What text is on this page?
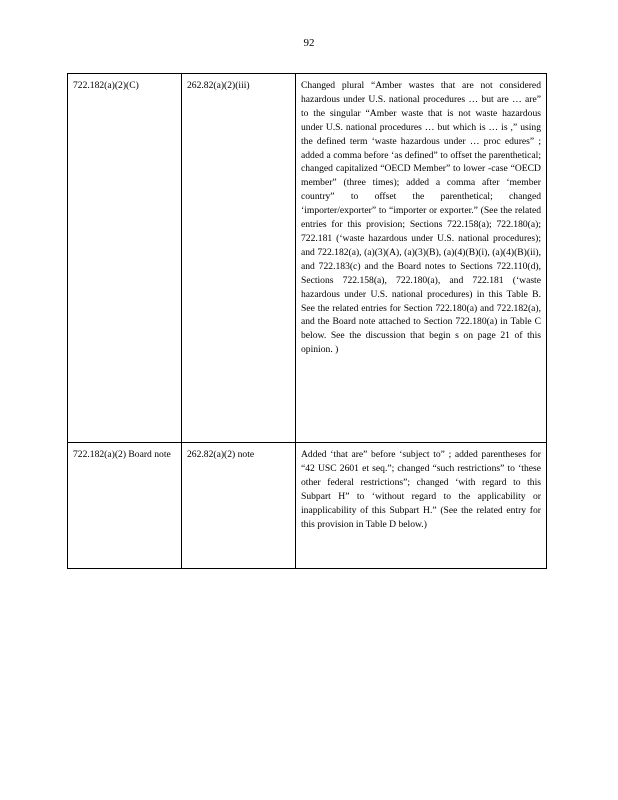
92
722.182(a)(2)(C)	262.82(a)(2)(iii)	Changed plural “Amber wastes that are not considered hazardous under U.S. national procedures … but are … are” to the singular “Amber waste that is not waste hazardous under U.S. national procedures … but which is … is ,” using the defined term ‘waste hazardous under … proc edures” ; added a comma before ‘as defined” to offset the parenthetical; changed capitalized “OECD Member” to lower -case “OECD member” (three times); added a comma after ‘member country” to offset the parenthetical; changed ‘importer/exporter” to “importer or exporter.” (See the related entries for this provision; Sections 722.158(a); 722.180(a); 722.181 (‘waste hazardous under U.S. national procedures); and 722.182(a), (a)(3)(A), (a)(3)(B), (a)(4)(B)(i), (a)(4)(B)(ii), and 722.183(c) and the Board notes to Sections 722.110(d), Sections 722.158(a), 722.180(a), and 722.181 (‘waste hazardous under U.S. national procedures) in this Table B. See the related entries for Section 722.180(a) and 722.182(a), and the Board note attached to Section 722.180(a) in Table C below. See the discussion that begin s on page 21 of this opinion. )
722.182(a)(2) Board note	262.82(a)(2) note	Added ‘that are” before ‘subject to” ; added parentheses for “42 USC 2601 et seq.”; changed “such restrictions” to ‘these other federal restrictions”; changed ‘with regard to this Subpart H” to ‘without regard to the applicability or inapplicability of this Subpart H.” (See the related entry for this provision in Table D below.)
